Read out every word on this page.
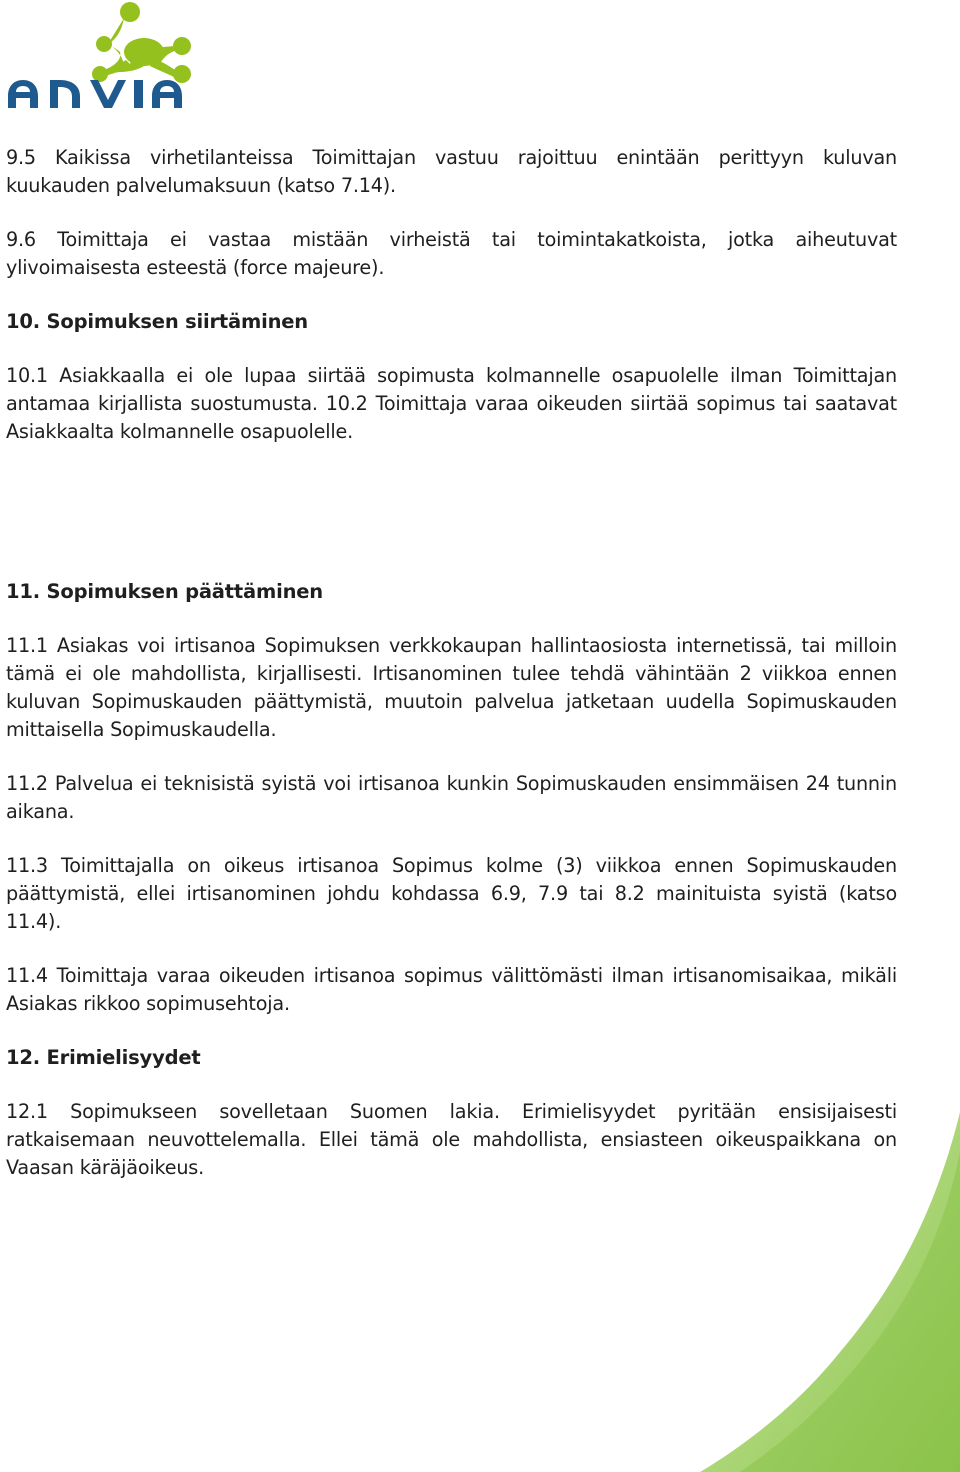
9.5 Kaikissa virhetilanteissa Toimittajan vastuu rajoittuu enintään perittyyn kuluvan kuukauden palvelumaksuun (katso 7.14).

9.6 Toimittaja ei vastaa mistään virheistä tai toimintakatkoista, jotka aiheutuvat ylivoimaisesta esteestä (force majeure).

10. Sopimuksen siirtäminen

10.1 Asiakkaalla ei ole lupaa siirtää sopimusta kolmannelle osapuolelle ilman Toimittajan antamaa kirjallista suostumusta. 10.2 Toimittaja varaa oikeuden siirtää sopimus tai saatavat Asiakkaalta kolmannelle osapuolelle.

11. Sopimuksen päättäminen

11.1 Asiakas voi irtisanoa Sopimuksen verkkokaupan hallintaosiosta internetissä, tai milloin tämä ei ole mahdollista, kirjallisesti. Irtisanominen tulee tehdä vähintään 2 viikkoa ennen kuluvan Sopimuskauden päättymistä, muutoin palvelua jatketaan uudella Sopimuskauden mittaisella Sopimuskaudella.

11.2 Palvelua ei teknisistä syistä voi irtisanoa kunkin Sopimuskauden ensimmäisen 24 tunnin aikana.

11.3 Toimittajalla on oikeus irtisanoa Sopimus kolme (3) viikkoa ennen Sopimuskauden päättymistä, ellei irtisanominen johdu kohdassa 6.9, 7.9 tai 8.2 mainituista syistä (katso 11.4).

11.4 Toimittaja varaa oikeuden irtisanoa sopimus välittömästi ilman irtisanomisaikaa, mikäli Asiakas rikkoo sopimusehtoja.

12. Erimielisyydet

12.1 Sopimukseen sovelletaan Suomen lakia. Erimielisyydet pyritään ensisijaisesti ratkaisemaan neuvottelemalla. Ellei tämä ole mahdollista, ensiasteen oikeuspaikkana on Vaasan käräjäoikeus.
